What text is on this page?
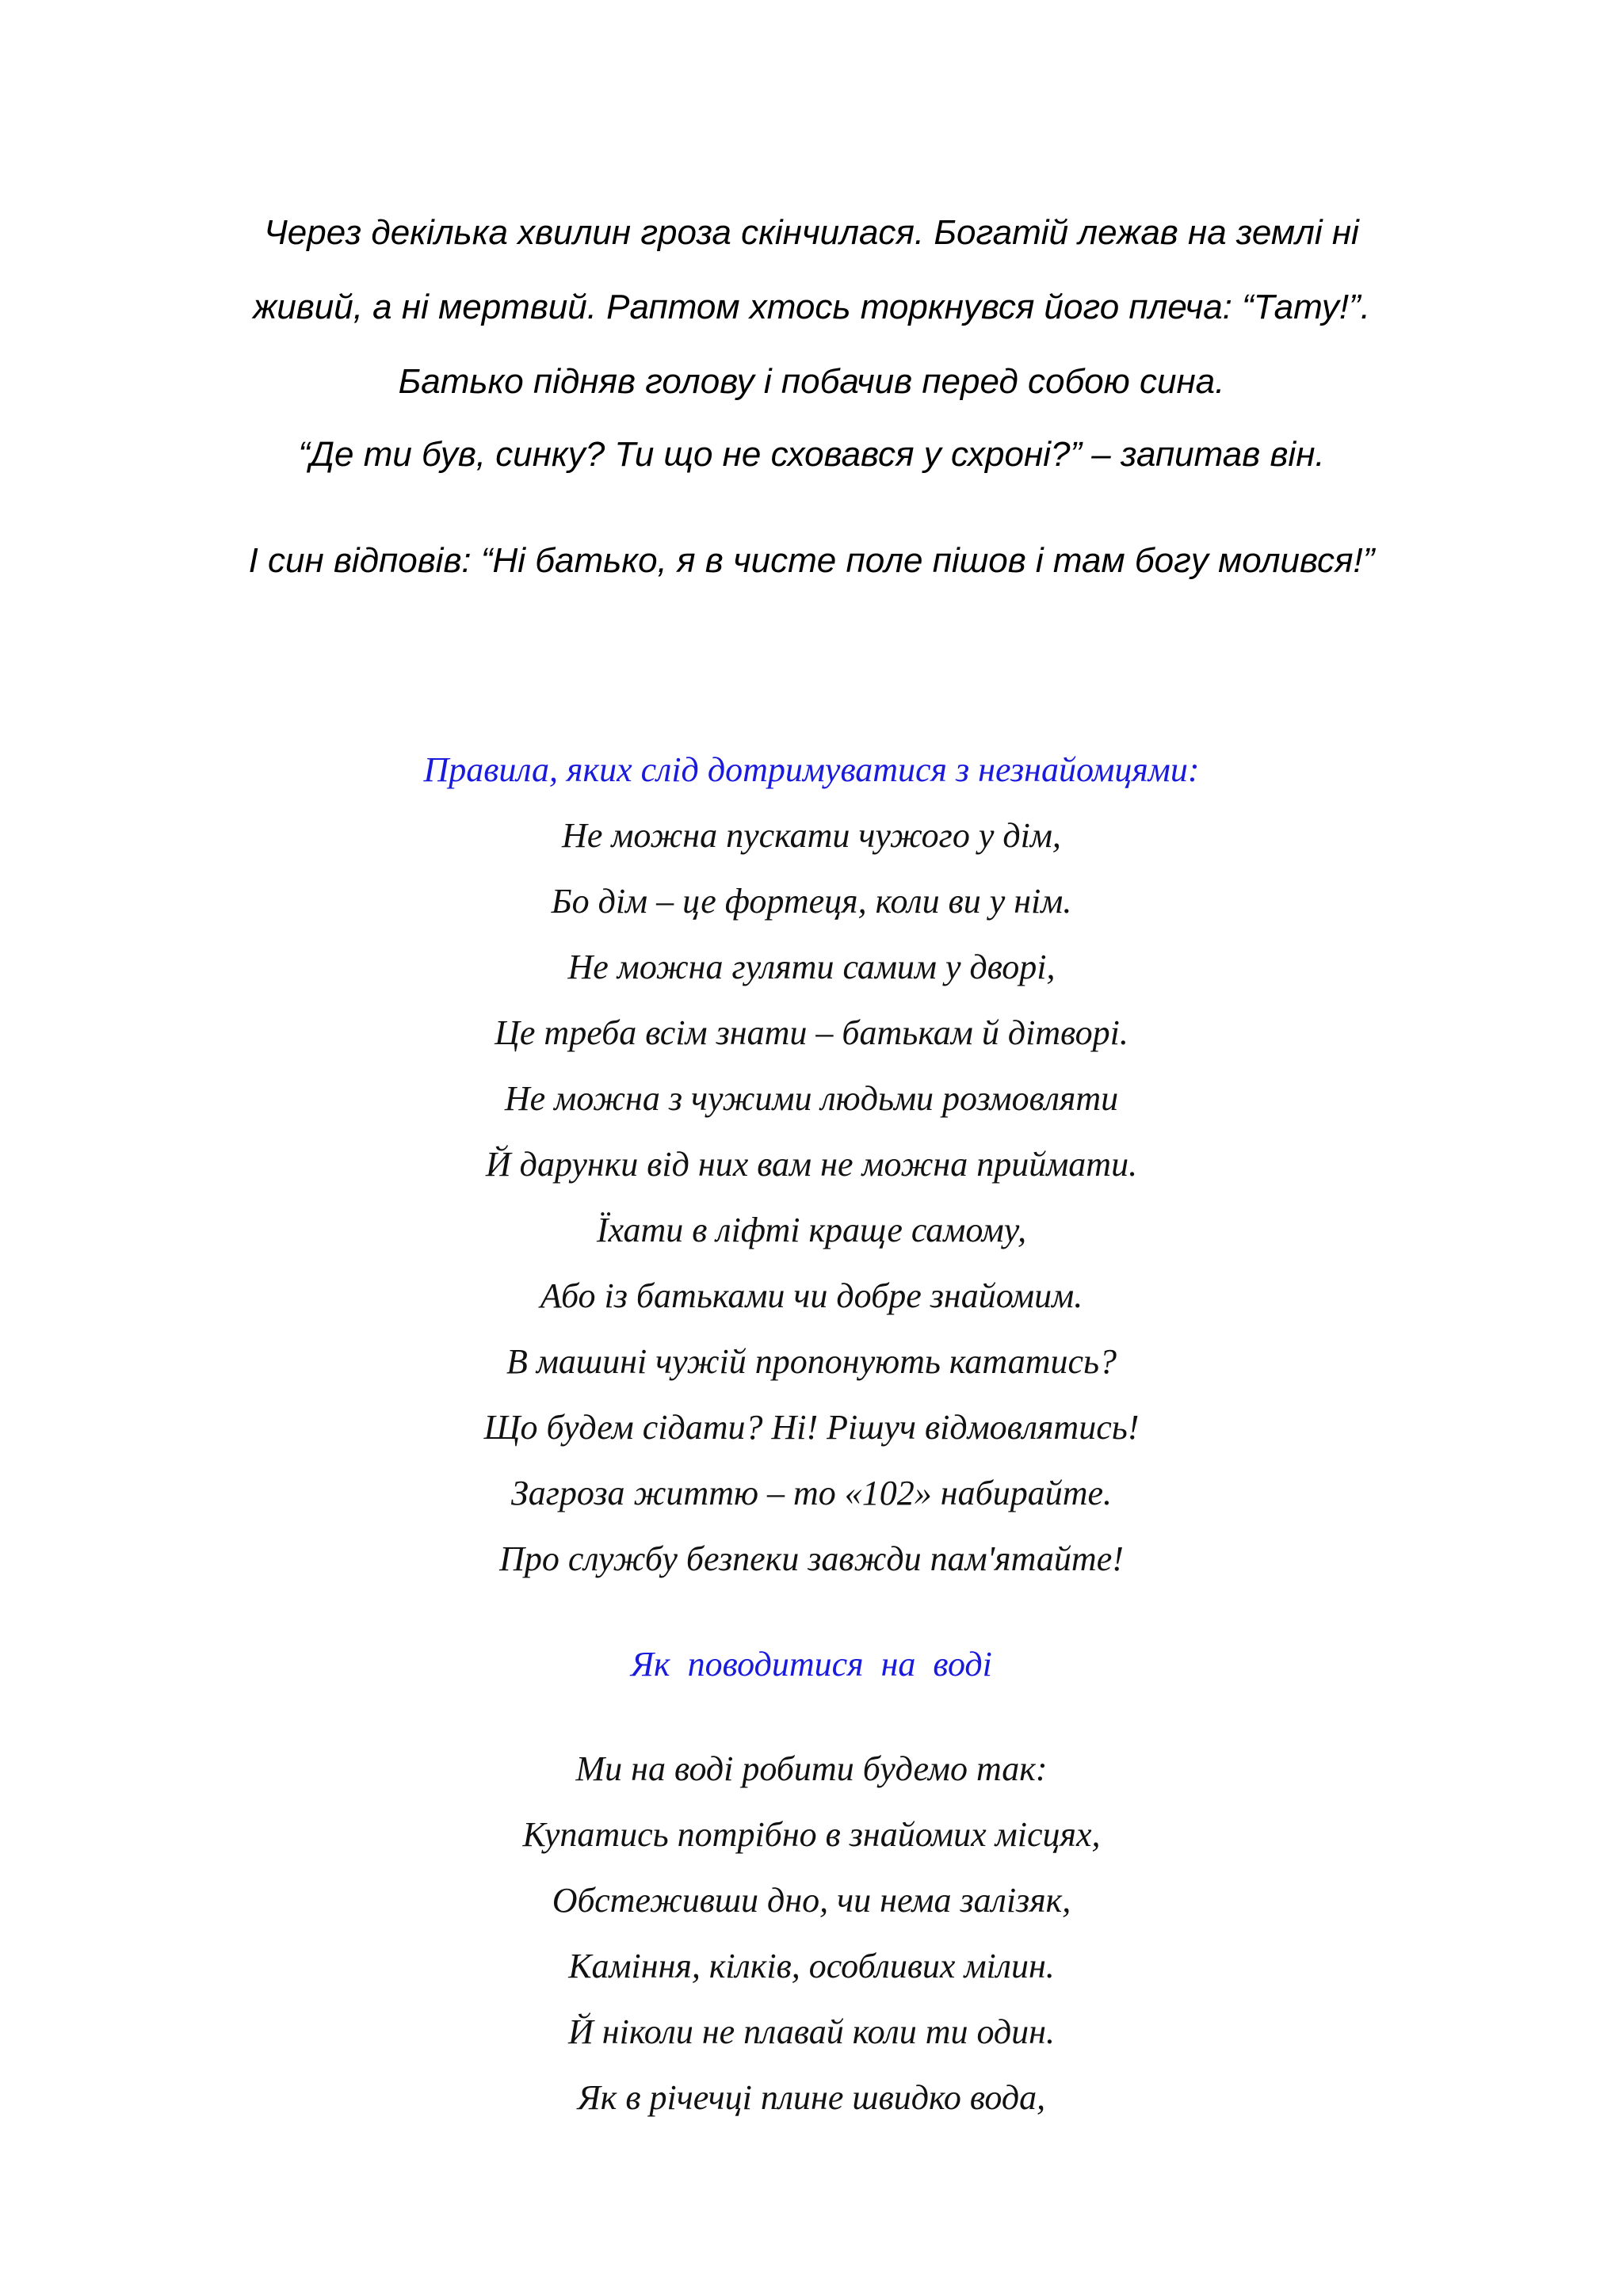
Через декілька хвилин гроза скінчилася. Богатій лежав на землі ні
живий, а ні мертвий. Раптом хтось торкнувся його плеча: “Тату!”.
Батько підняв голову і побачив перед собою сина.
“Де ти був, синку? Ти що не сховався у схроні?” – запитав він.
І син відповів: “Ні батько, я в чисте поле пішов і там богу молився!”
Правила, яких слід дотримуватися з незнайомцями:
Не можна пускати чужого у дім,
Бо дім – це фортеця, коли ви у нім.
Не можна гуляти самим у дворі,
Це треба всім знати – батькам й дітворі.
Не можна з чужими людьми розмовляти
Й дарунки від них вам не можна приймати.
Їхати в ліфті краще самому,
Або із батьками чи добре знайомим.
В машині чужій пропонують кататись?
Що будем сідати? Ні! Рішуч відмовлятись!
Загроза життю – то «102» набирайте.
Про службу безпеки завжди пам'ятайте!
Як  поводитися  на  воді
Ми на воді робити будемо так:
Купатись потрібно в знайомих місцях,
Обстеживши дно, чи нема залізяк,
Каміння, кілків, особливих мілин.
Й ніколи не плавай коли ти один.
Як в річечці плине швидко вода,
